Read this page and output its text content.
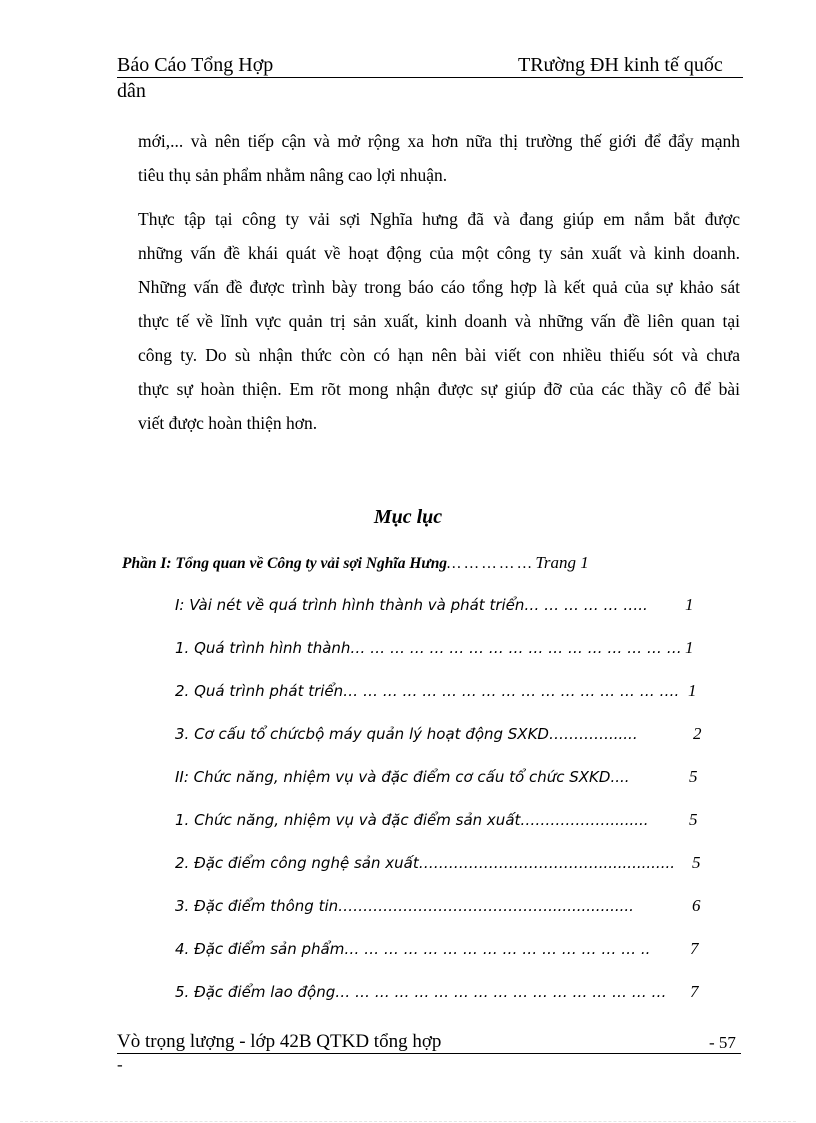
Báo Cáo Tổng Hợp	TRường ĐH kinh tế quốc
dân
mới,... và nên tiếp cận và mở rộng xa hơn nữa thị trường thế giới để đẩy mạnh
tiêu thụ sản phẩm nhằm nâng cao lợi nhuận.
Thực tập tại công ty vải sợi Nghĩa hưng đã và đang giúp em nắm bắt được
những vấn đề khái quát về hoạt động của một công ty sản xuất và kinh doanh.
Những vấn đề được trình bày trong báo cáo tổng hợp là kết quả của sự khảo sát
thực tế về lĩnh vực quản trị sản xuất, kinh doanh và những vấn đề liên quan tại
công ty. Do sù nhận thức còn có hạn nên bài viết con nhiều thiếu sót và chưa
thực sự hoàn thiện. Em rõt mong nhận được sự giúp đỡ của các thầy cô để bài
viết được hoàn thiện hơn.
Mục lục
Phần I: Tổng quan về Công ty vải sợi Nghĩa Hưng… … … … … Trang 1
I: Vài nét về quá trình hình thành và phát triển… … … … … ….. 1
1. Quá trình hình thành… … … … … … … … … … … … … … … … … 1
2. Quá trình phát triển… … … … … … … … … … … … … … … … …. 1
3. Cơ cấu tổ chứcbộ máy quản lý hoạt động SXKD…………......	2
II: Chức năng, nhiệm vụ và đặc điểm cơ cấu tổ chức SXKD....	5
1. Chức năng, nhiệm vụ và đặc điểm sản xuất………………........ 5
2. Đặc điểm công nghệ sản xuất………………………………................ 5
3. Đặc điểm thông tin……………………………………..................	6
4. Đặc điểm sản phẩm… … … … … … … … … … … … … … … .. 7
5. Đặc điểm lao động… … … … … … … … … … … … … … … … … 7
Vò trọng lượng - lớp 42B QTKD tổng hợp	- 57
-
